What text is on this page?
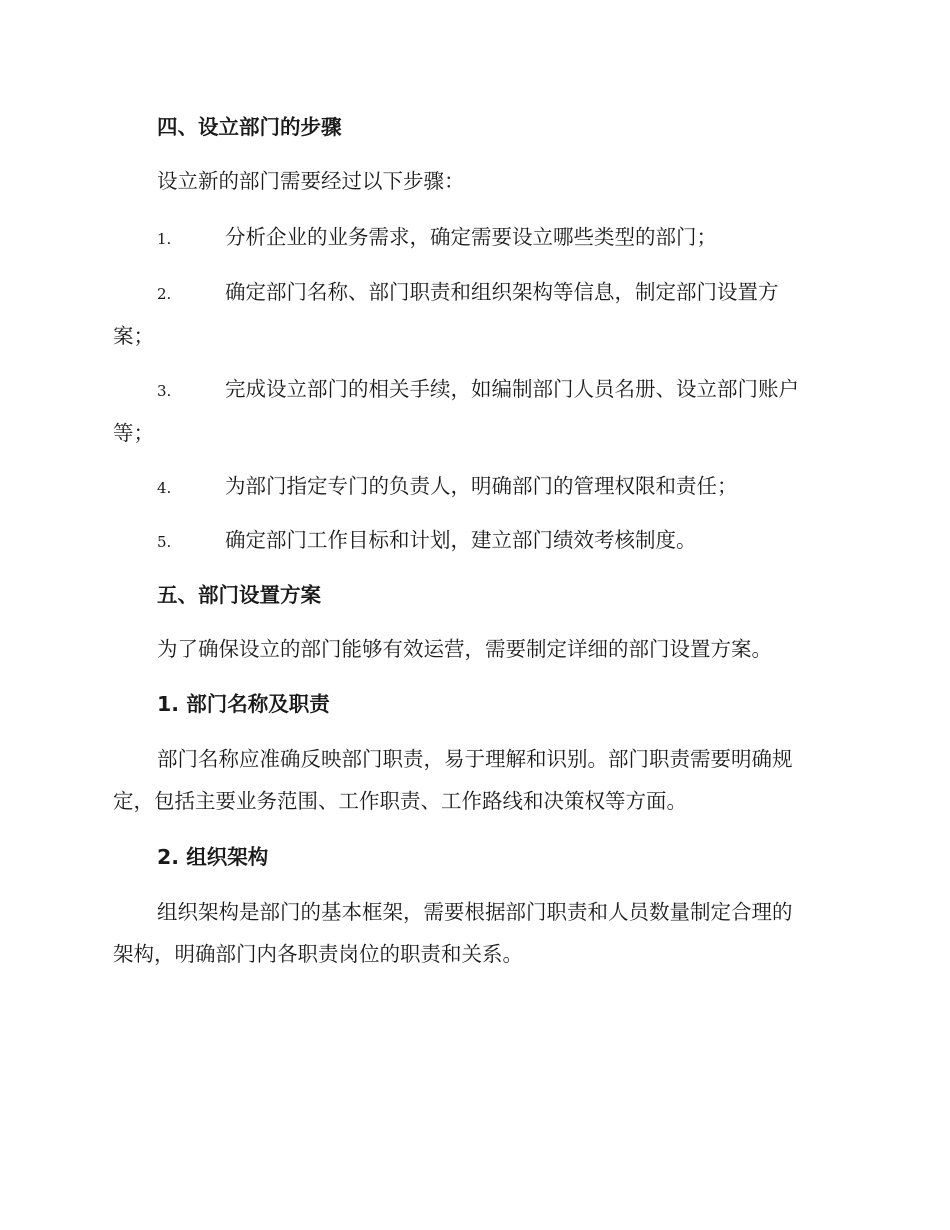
四、设立部门的步骤
设立新的部门需要经过以下步骤：
1.	分析企业的业务需求，确定需要设立哪些类型的部门；
2.	确定部门名称、部门职责和组织架构等信息，制定部门设置方
案；
3.	完成设立部门的相关手续，如编制部门人员名册、设立部门账户
等；
4.	为部门指定专门的负责人，明确部门的管理权限和责任；
5.	确定部门工作目标和计划，建立部门绩效考核制度。
五、部门设置方案
为了确保设立的部门能够有效运营，需要制定详细的部门设置方案。
1. 部门名称及职责
部门名称应准确反映部门职责，易于理解和识别。部门职责需要明确规
定，包括主要业务范围、工作职责、工作路线和决策权等方面。
2. 组织架构
组织架构是部门的基本框架，需要根据部门职责和人员数量制定合理的
架构，明确部门内各职责岗位的职责和关系。
